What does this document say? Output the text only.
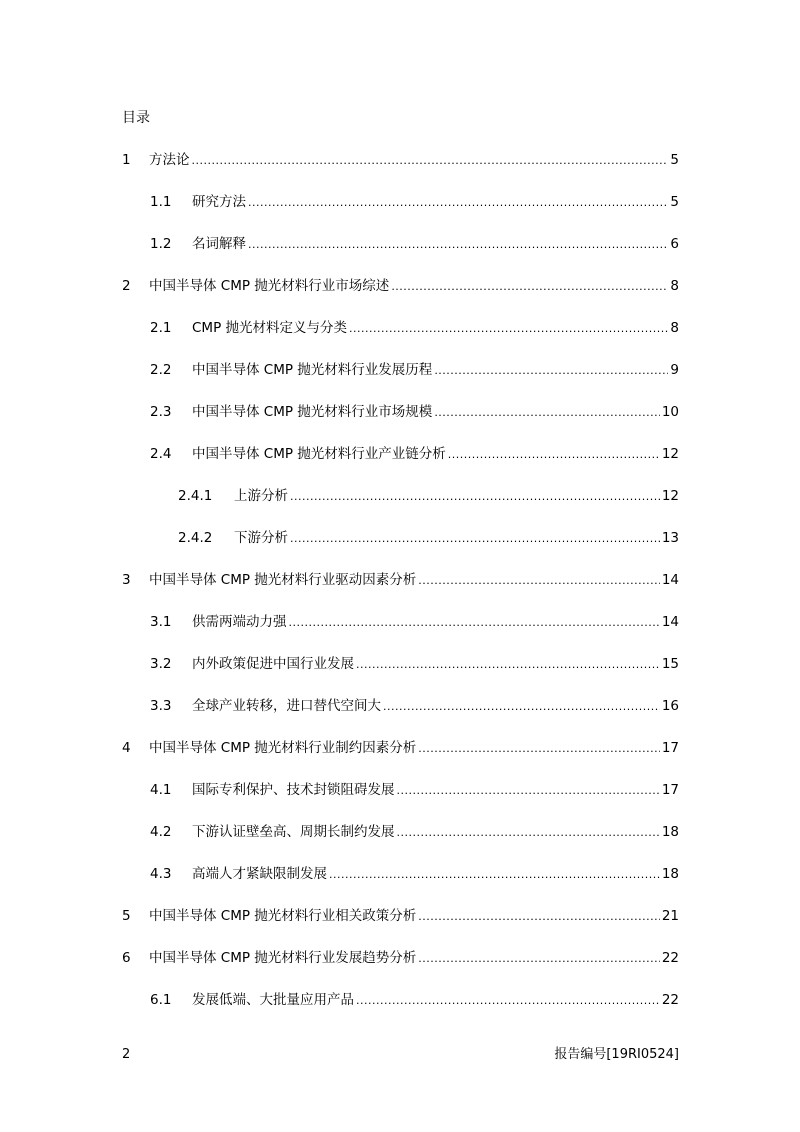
目录
1	方法论 .....	5
1.1	研究方法 .....	5
1.2	名词解释 .....	6
2	中国半导体 CMP 抛光材料行业市场综述 .....	8
2.1	CMP 抛光材料定义与分类 .....	8
2.2	中国半导体 CMP 抛光材料行业发展历程 .....	9
2.3	中国半导体 CMP 抛光材料行业市场规模 .....	10
2.4	中国半导体 CMP 抛光材料行业产业链分析 .....	12
2.4.1	上游分析 .....	12
2.4.2	下游分析 .....	13
3	中国半导体 CMP 抛光材料行业驱动因素分析 .....	14
3.1	供需两端动力强 .....	14
3.2	内外政策促进中国行业发展 .....	15
3.3	全球产业转移，进口替代空间大 .....	16
4	中国半导体 CMP 抛光材料行业制约因素分析 .....	17
4.1	国际专利保护、技术封锁阻碍发展 .....	17
4.2	下游认证壁垒高、周期长制约发展 .....	18
4.3	高端人才紧缺限制发展 .....	18
5	中国半导体 CMP 抛光材料行业相关政策分析 .....	21
6	中国半导体 CMP 抛光材料行业发展趋势分析 .....	22
6.1	发展低端、大批量应用产品 .....	22
2	报告编号[19RI0524]
